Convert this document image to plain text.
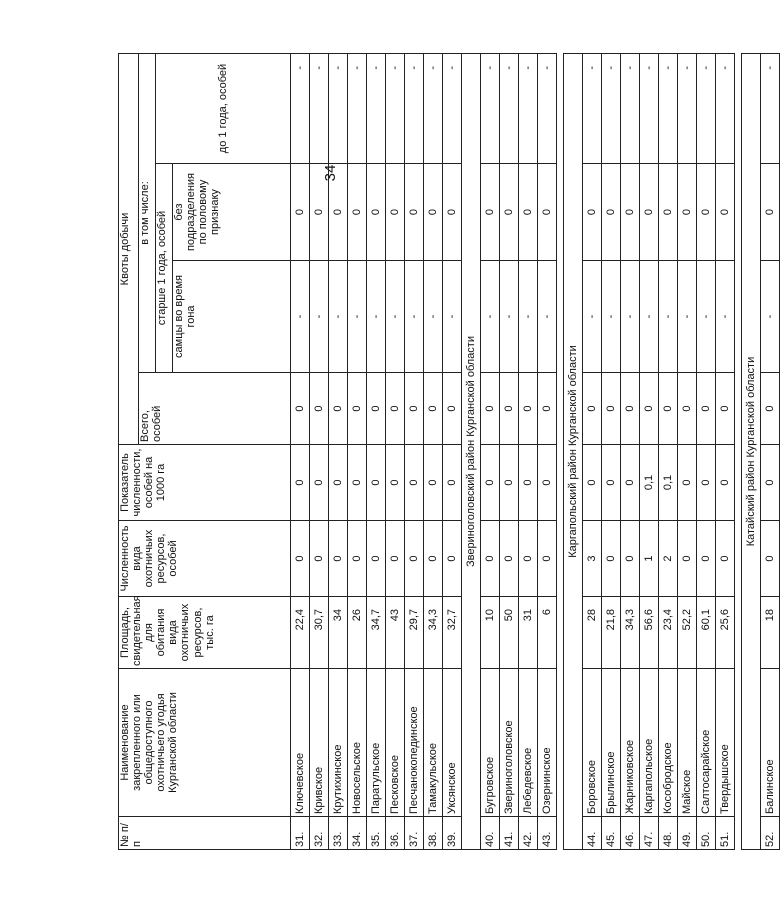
34
№ п/п	Наименование закрепленного или общедоступного охотничьего угодья Курганской области	Площадь, свидетельная для обитания вида охотничьих ресурсов, тыс. га	Численность вида охотничьих ресурсов, особей	Показатель численности, особей на 1000 га	Квоты добычи			
					Всего, особей	в том числе:		
						старше 1 года, особей		до 1 года, особей
						самцы во время гона	без подразделения по половому признаку	
31.	Ключевское	22,4	0	0	0	-	0	-
32.	Кривское	30,7	0	0	0	-	0	-
33.	Крутихинское	34	0	0	0	-	0	-
34.	Новосельское	26	0	0	0	-	0	-
35.	Паратульское	34,7	0	0	0	-	0	-
36.	Песковское	43	0	0	0	-	0	-
37.	Песчанокопединское	29,7	0	0	0	-	0	-
38.	Тамакульское	34,3	0	0	0	-	0	-
39.	Уксянское	32,7	0	0	0	-	0	-
Звериноголовский район Курганской области								
40.	Бугровское	10	0	0	0	-	0	-
41.	Звериноголовское	50	0	0	0	-	0	-
42.	Лебедевское	31	0	0	0	-	0	-
43.	Озернинское	6	0	0	0	-	0	-

Каргапольский район Курганской области								
44.	Боровское	28	3	0	0	-	0	-
45.	Брылинское	21,8	0	0	0	-	0	-
46.	Жарниковское	34,3	0	0	0	-	0	-
47.	Каргапольское	56,6	1	0,1	0	-	0	-
48.	Кособродское	23,4	2	0,1	0	-	0	-
49.	Майское	52,2	0	0	0	-	0	-
50.	Салтосарайское	60,1	0	0	0	-	0	-
51.	Твердышское	25,6	0	0	0	-	0	-

Катайский район Курганской области								
52.	Балинское	18	0	0	0	-	0	-
